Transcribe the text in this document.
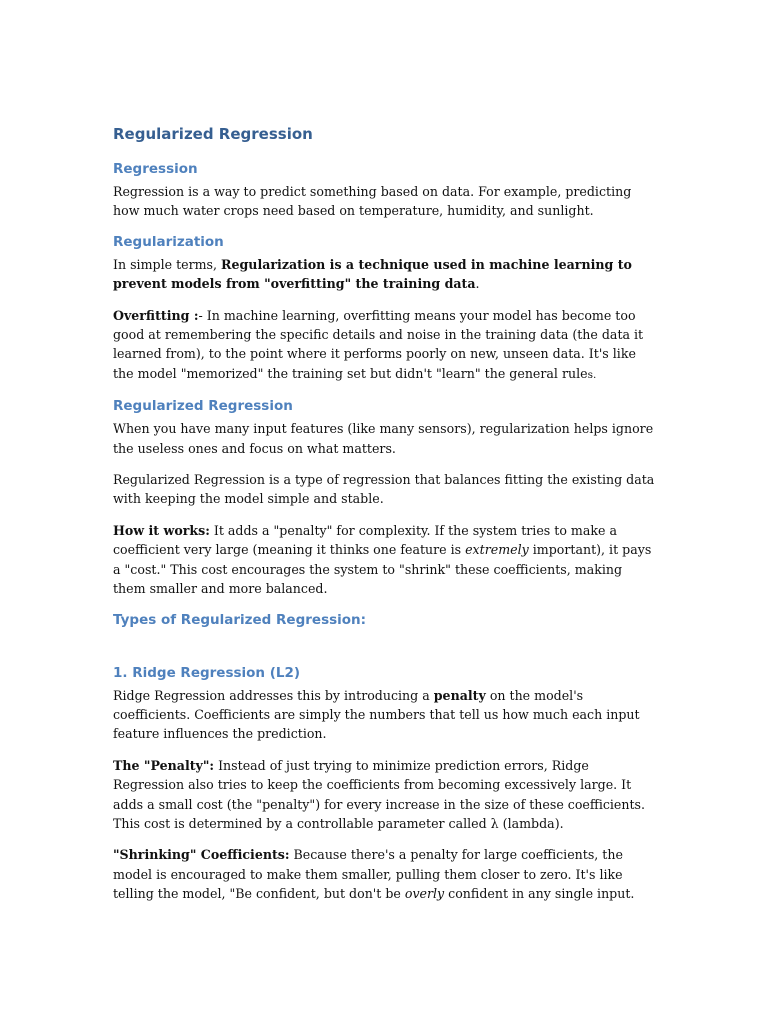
Regularized Regression
Regression

Regression is a way to predict something based on data. For example, predicting how much water crops need based on temperature, humidity, and sunlight.

Regularization

In simple terms, Regularization is a technique used in machine learning to prevent models from "overfitting" the training data.

Overfitting :- In machine learning, overfitting means your model has become too good at remembering the specific details and noise in the training data (the data it learned from), to the point where it performs poorly on new, unseen data. It's like the model "memorized" the training set but didn't "learn" the general rules.

Regularized Regression

When you have many input features (like many sensors), regularization helps ignore the useless ones and focus on what matters.

Regularized Regression is a type of regression that balances fitting the existing data with keeping the model simple and stable.

How it works: It adds a "penalty" for complexity. If the system tries to make a coefficient very large (meaning it thinks one feature is extremely important), it pays a "cost." This cost encourages the system to "shrink" these coefficients, making them smaller and more balanced.

Types of Regularized Regression:
1. Ridge Regression (L2)

Ridge Regression addresses this by introducing a penalty on the model's coefficients. Coefficients are simply the numbers that tell us how much each input feature influences the prediction.

The "Penalty": Instead of just trying to minimize prediction errors, Ridge Regression also tries to keep the coefficients from becoming excessively large. It adds a small cost (the "penalty") for every increase in the size of these coefficients. This cost is determined by a controllable parameter called λ (lambda).

"Shrinking" Coefficients: Because there's a penalty for large coefficients, the model is encouraged to make them smaller, pulling them closer to zero. It's like telling the model, "Be confident, but don't be overly confident in any single input.
